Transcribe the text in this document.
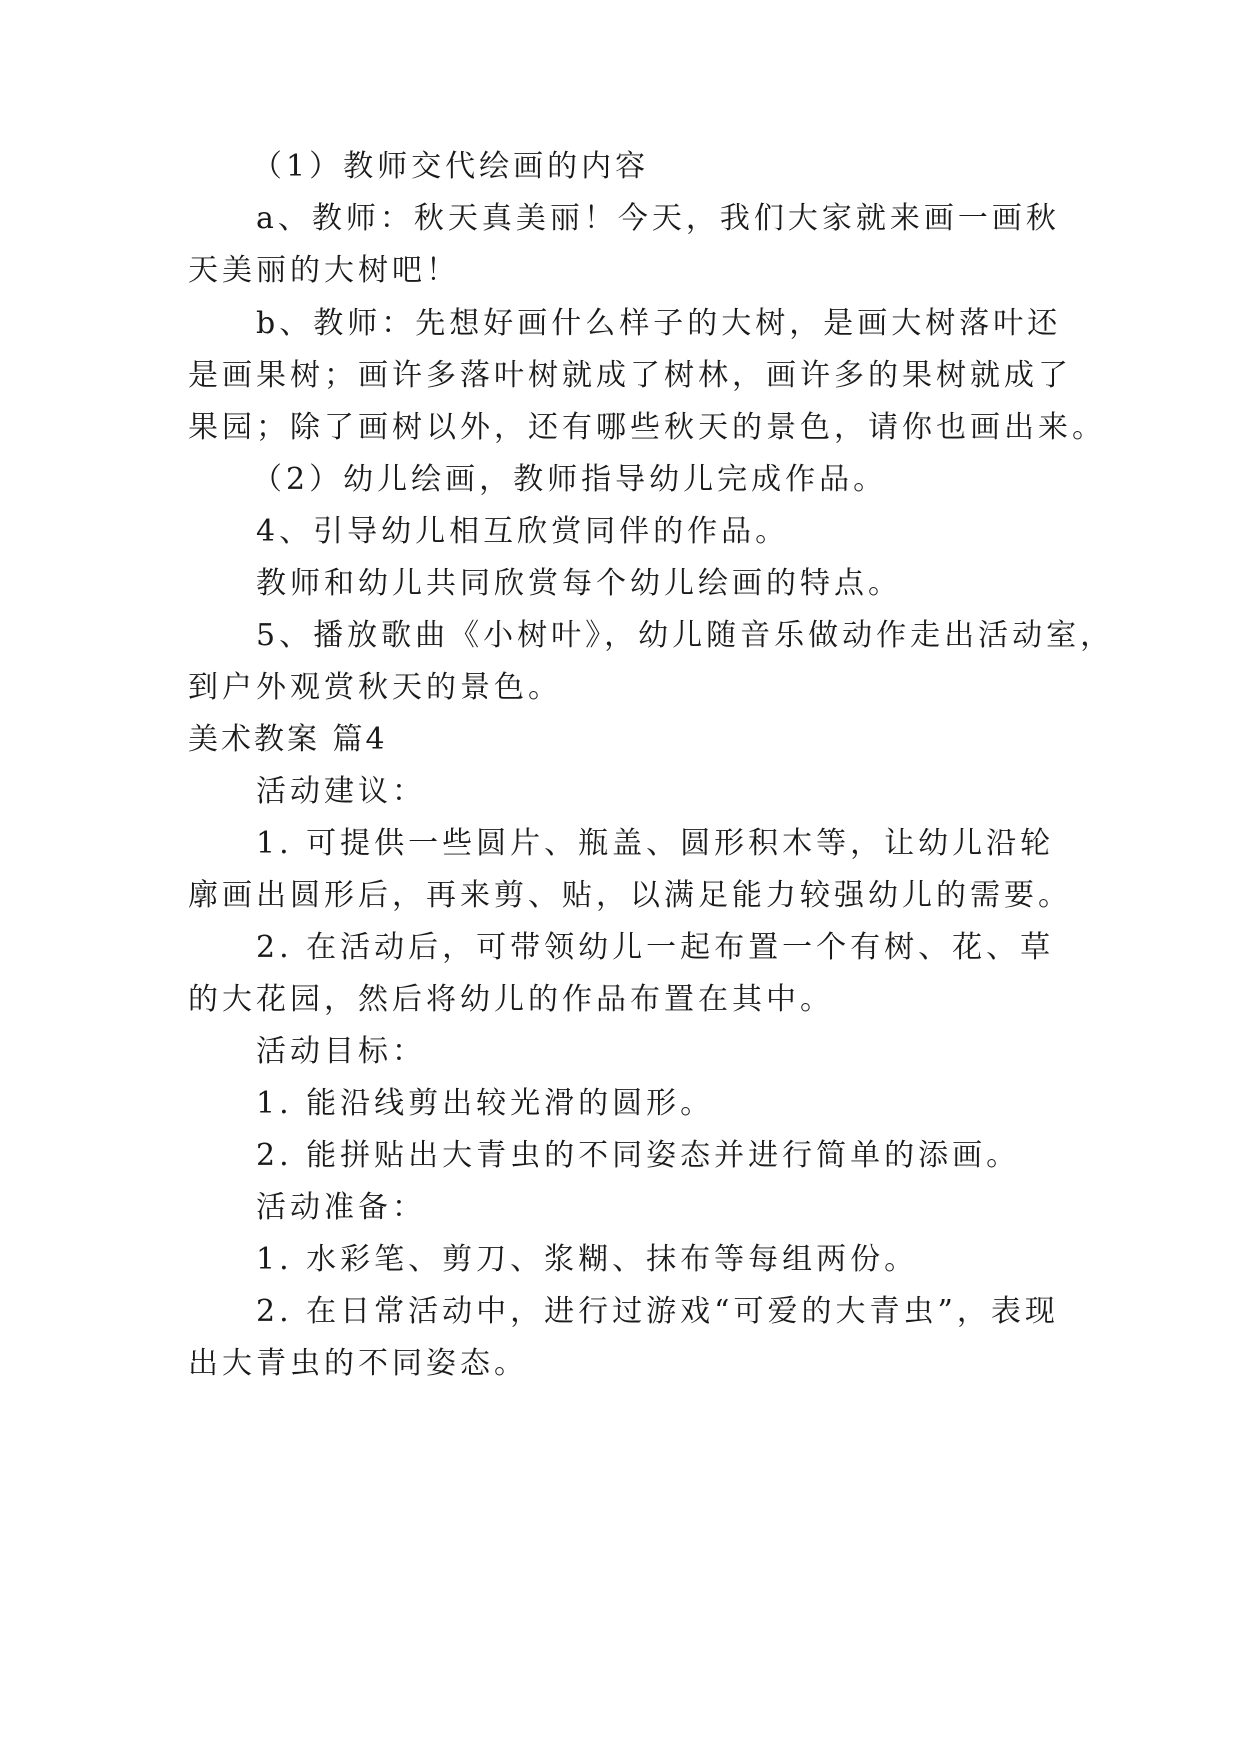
（1）教师交代绘画的内容

a、教师：秋天真美丽！今天，我们大家就来画一画秋

天美丽的大树吧！

b、教师：先想好画什么样子的大树，是画大树落叶还

是画果树；画许多落叶树就成了树林，画许多的果树就成了

果园；除了画树以外，还有哪些秋天的景色，请你也画出来。

（2）幼儿绘画，教师指导幼儿完成作品。

4、引导幼儿相互欣赏同伴的作品。

教师和幼儿共同欣赏每个幼儿绘画的特点。

5、播放歌曲《小树叶》，幼儿随音乐做动作走出活动室，

到户外观赏秋天的景色。

美术教案 篇4

活动建议：

1. 可提供一些圆片、瓶盖、圆形积木等，让幼儿沿轮

廓画出圆形后，再来剪、贴，以满足能力较强幼儿的需要。

2. 在活动后，可带领幼儿一起布置一个有树、花、草

的大花园，然后将幼儿的作品布置在其中。

活动目标：

1. 能沿线剪出较光滑的圆形。

2. 能拼贴出大青虫的不同姿态并进行简单的添画。

活动准备：

1. 水彩笔、剪刀、浆糊、抹布等每组两份。

2. 在日常活动中，进行过游戏“可爱的大青虫”，表现

出大青虫的不同姿态。
